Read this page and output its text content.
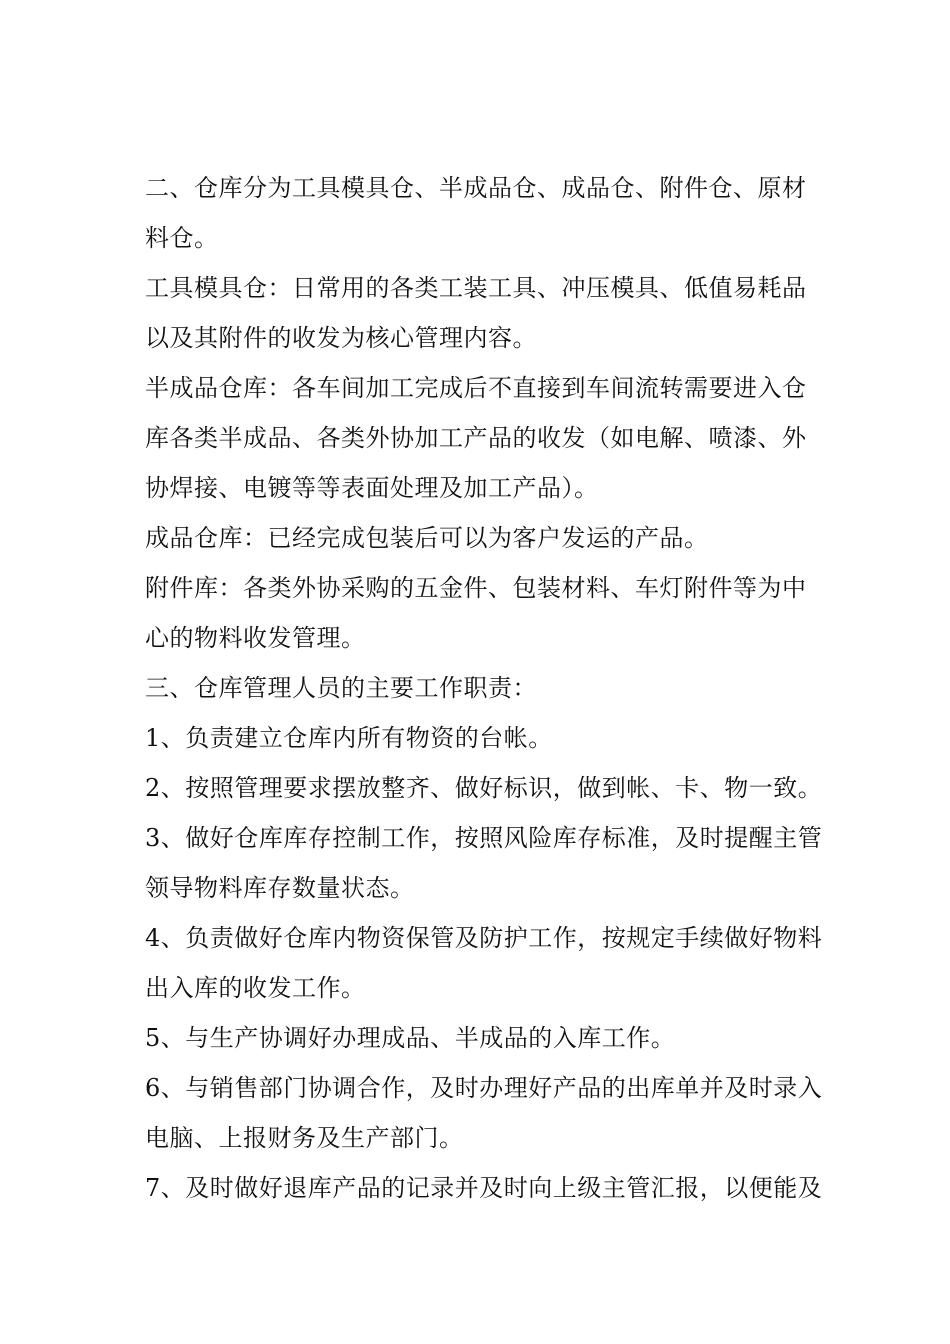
二、仓库分为工具模具仓、半成品仓、成品仓、附件仓、原材

料仓。

工具模具仓：日常用的各类工装工具、冲压模具、低值易耗品

以及其附件的收发为核心管理内容。

半成品仓库：各车间加工完成后不直接到车间流转需要进入仓

库各类半成品、各类外协加工产品的收发（如电解、喷漆、外

协焊接、电镀等等表面处理及加工产品）。

成品仓库：已经完成包装后可以为客户发运的产品。

附件库：各类外协采购的五金件、包装材料、车灯附件等为中

心的物料收发管理。

三、仓库管理人员的主要工作职责：

1、负责建立仓库内所有物资的台帐。

2、按照管理要求摆放整齐、做好标识，做到帐、卡、物一致。

3、做好仓库库存控制工作，按照风险库存标准，及时提醒主管

领导物料库存数量状态。

4、负责做好仓库内物资保管及防护工作，按规定手续做好物料

出入库的收发工作。

5、与生产协调好办理成品、半成品的入库工作。

6、与销售部门协调合作，及时办理好产品的出库单并及时录入

电脑、上报财务及生产部门。

7、及时做好退库产品的记录并及时向上级主管汇报，以便能及
